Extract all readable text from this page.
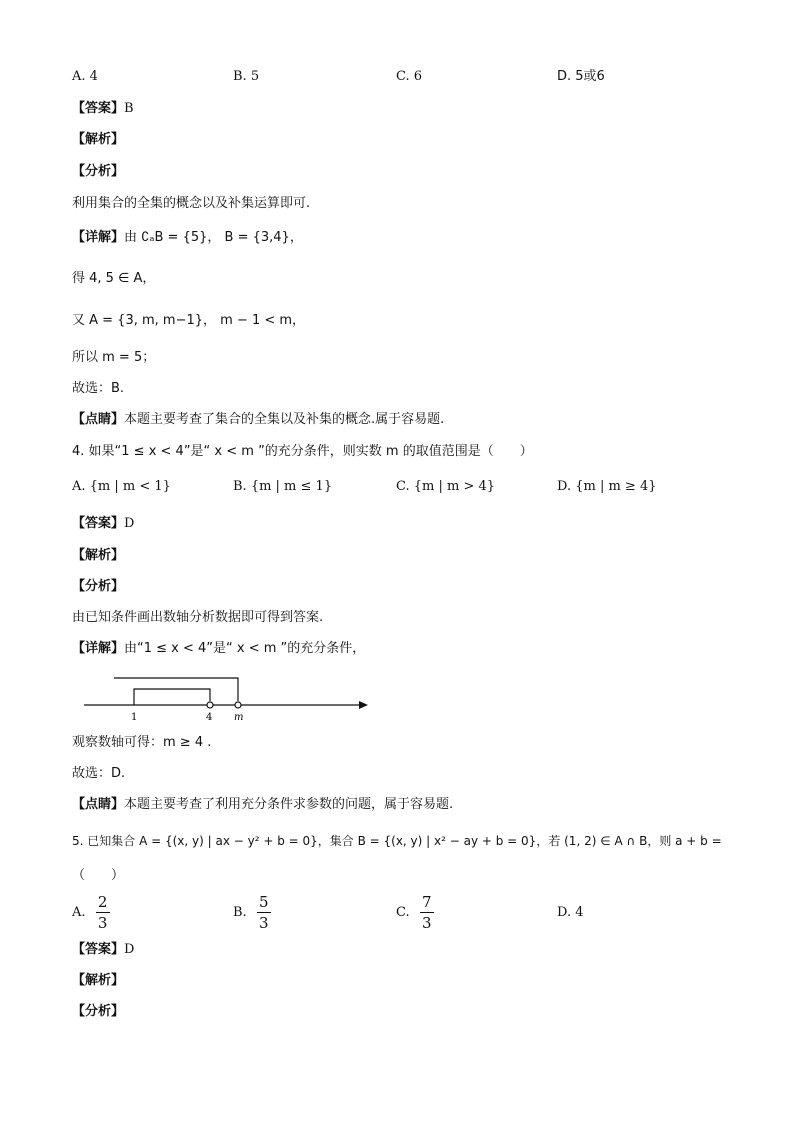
A. 4	B. 5	C. 6	D. 5或6
【答案】B
【解析】
【分析】
利用集合的全集的概念以及补集运算即可.
【详解】由 ∁ₐB = {5}， B = {3,4}，
得 4, 5 ∈ A，
又 A = {3, m, m−1}， m − 1 < m，
所以 m = 5；
故选：B.
【点睛】本题主要考查了集合的全集以及补集的概念.属于容易题.
4. 如果“1 ≤ x < 4”是“ x < m ”的充分条件，则实数 m 的取值范围是（　　）
A. {m | m < 1}	B. {m | m ≤ 1}	C. {m | m > 4}	D. {m | m ≥ 4}
【答案】D
【解析】
【分析】
由已知条件画出数轴分析数据即可得到答案.
【详解】由“1 ≤ x < 4”是“ x < m ”的充分条件，
1	4 m
观察数轴可得：m ≥ 4 .
故选：D.
【点睛】本题主要考查了利用充分条件求参数的问题，属于容易题.
5. 已知集合 A = {(x, y) | ax − y² + b = 0}，集合 B = {(x, y) | x² − ay + b = 0}，若 (1, 2) ∈ A ∩ B，则 a + b =
（　　）
A. $\frac{2}{3}$	B. $\frac{5}{3}$	C. $\frac{7}{3}$	D. 4
【答案】D
【解析】
【分析】
